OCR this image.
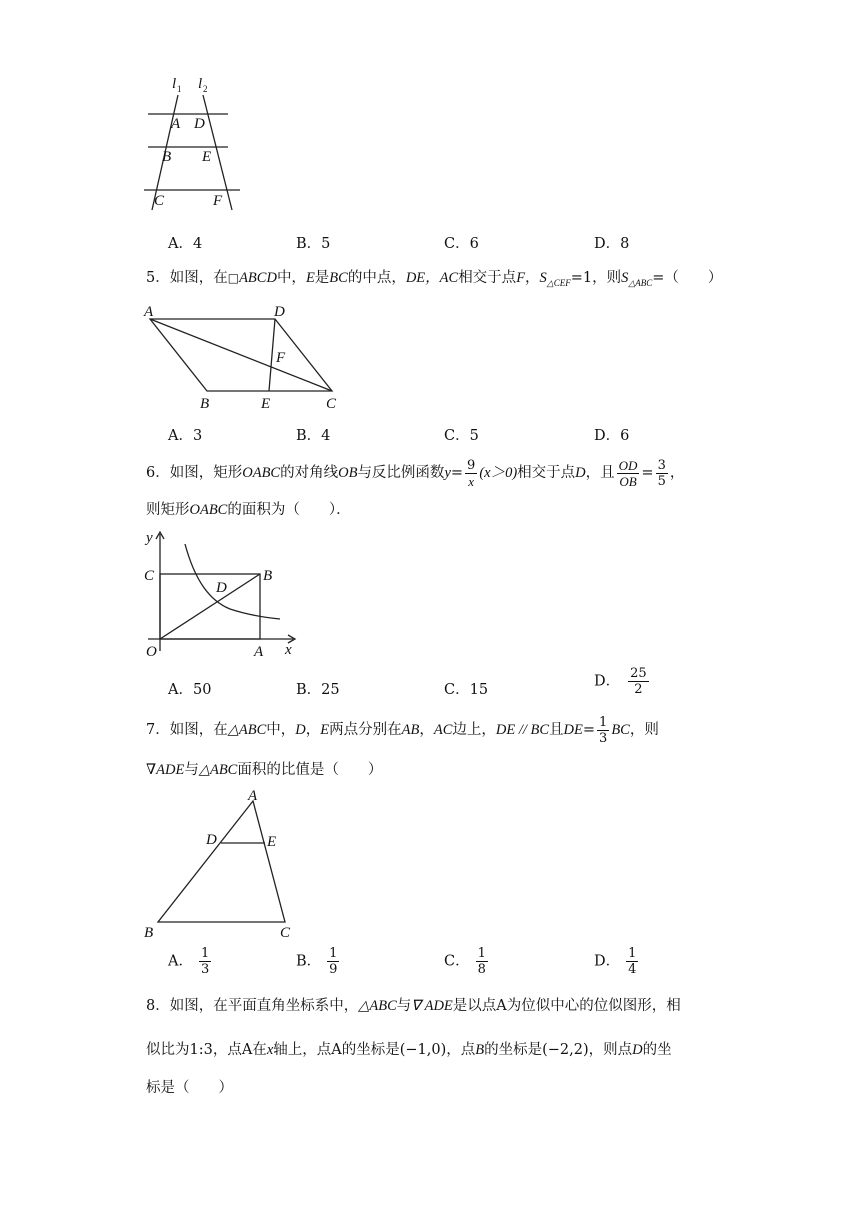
l 1 l 2
A D
B E
C	F
A．4	B．5	C．6	D．8
5．如图，在□ABCD中，E是BC的中点，DE，AC相交于点F，$S_{\triangle CEF}=1$，则$S_{\triangle ABC}=$（　　）
A	D
F
B	E	C
A．3	B．4	C．5	D．6
6．如图，矩形OABC的对角线OB与反比例函数$y= \frac{9}{x} (x>0)$相交于点D，且 $\frac{OD}{OB} = \frac{3}{5}$ ，
则矩形OABC的面积为（　　）．
y
C	B
D
O	A x
A．50	B．25	C．15
D． $\frac{25}{2}$
7．如图，在△ABC中，D，E两点分别在AB，AC边上，DE // BC且$DE= \frac{1}{3}$ BC，则
∇ADE与△ABC面积的比值是（　　）
A
D	E
B	C
A． $\frac{1}{3}$	B． $\frac{1}{9}$	C． $\frac{1}{8}$	D． $\frac{1}{4}$
8．如图，在平面直角坐标系中，△ABC与∇ ADE是以点A为位似中心的位似图形，相
似比为1:3，点A在x轴上，点A的坐标是(−1,0)，点B的坐标是(−2,2)，则点D的坐
标是（　　）
